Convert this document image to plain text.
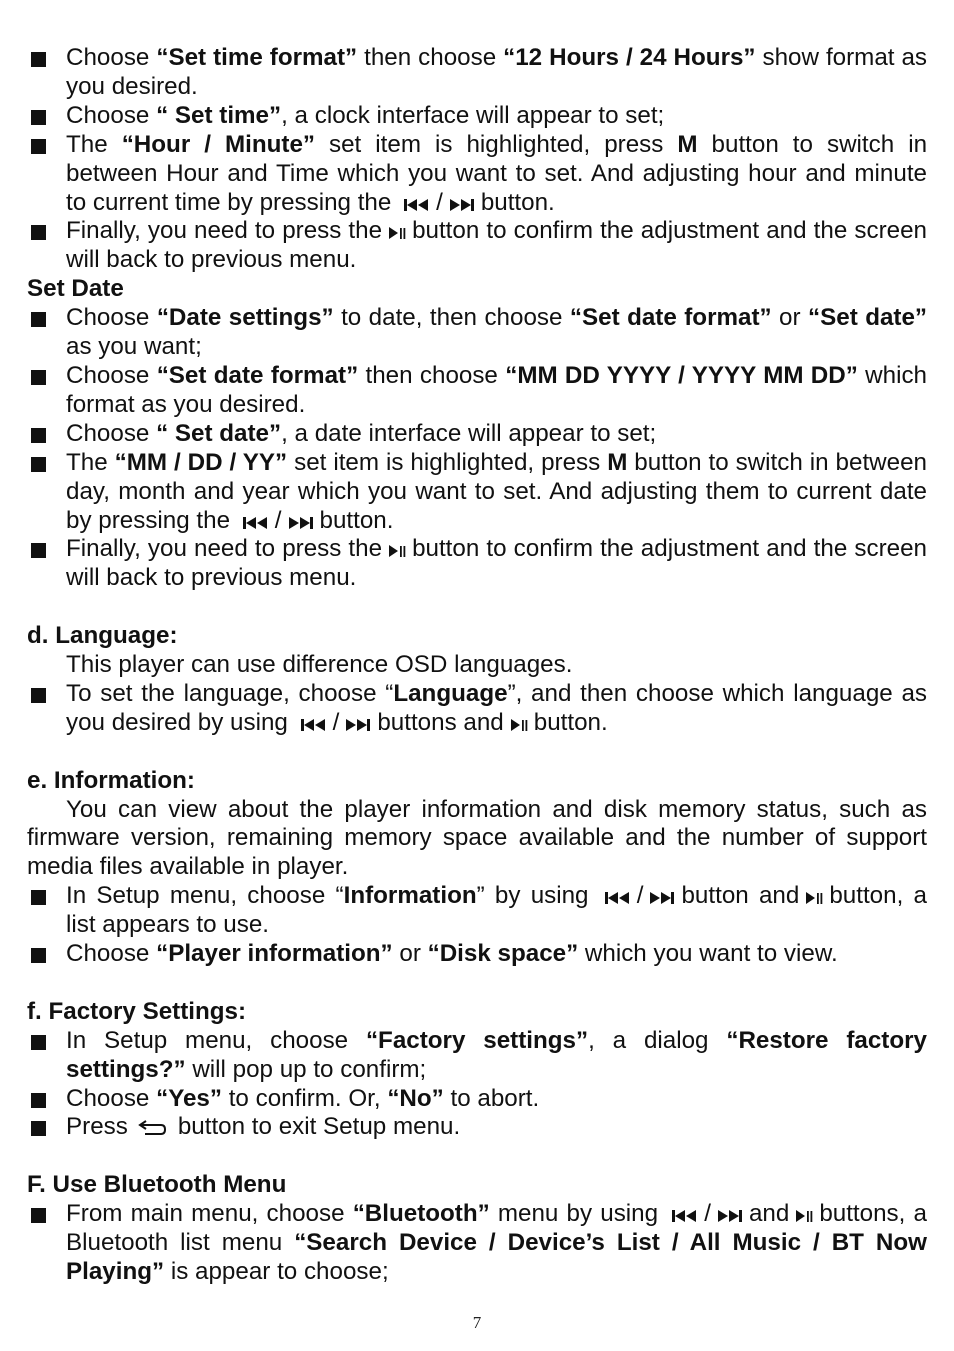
Choose “Set time format” then choose “12 Hours / 24 Hours” show format as you desired.
Choose “ Set time”, a clock interface will appear to set;
The “Hour / Minute” set item is highlighted, press M button to switch in between Hour and Time which you want to set. And adjusting hour and minute to current time by pressing the / button.
Finally, you need to press the button to confirm the adjustment and the screen will back to previous menu.
Set Date
Choose “Date settings” to date, then choose “Set date format” or “Set date” as you want;
Choose “Set date format” then choose “MM DD YYYY / YYYY MM DD” which format as you desired.
Choose “ Set date”, a date interface will appear to set;
The “MM / DD / YY” set item is highlighted, press M button to switch in between day, month and year which you want to set. And adjusting them to current date by pressing the / button.
Finally, you need to press the button to confirm the adjustment and the screen will back to previous menu.
d. Language:
This player can use difference OSD languages.
To set the language, choose “Language”, and then choose which language as you desired by using / buttons and button.
e. Information:
You can view about the player information and disk memory status, such as firmware version, remaining memory space available and the number of support media files available in player.
In Setup menu, choose “Information” by using / button and button, a list appears to use.
Choose “Player information” or “Disk space” which you want to view.
f. Factory Settings:
In Setup menu, choose “Factory settings”, a dialog “Restore factory settings?” will pop up to confirm;
Choose “Yes” to confirm. Or, “No” to abort.
Press button to exit Setup menu.
F. Use Bluetooth Menu
From main menu, choose “Bluetooth” menu by using / and buttons, a Bluetooth list menu “Search Device / Device’s List / All Music / BT Now Playing” is appear to choose;
7
